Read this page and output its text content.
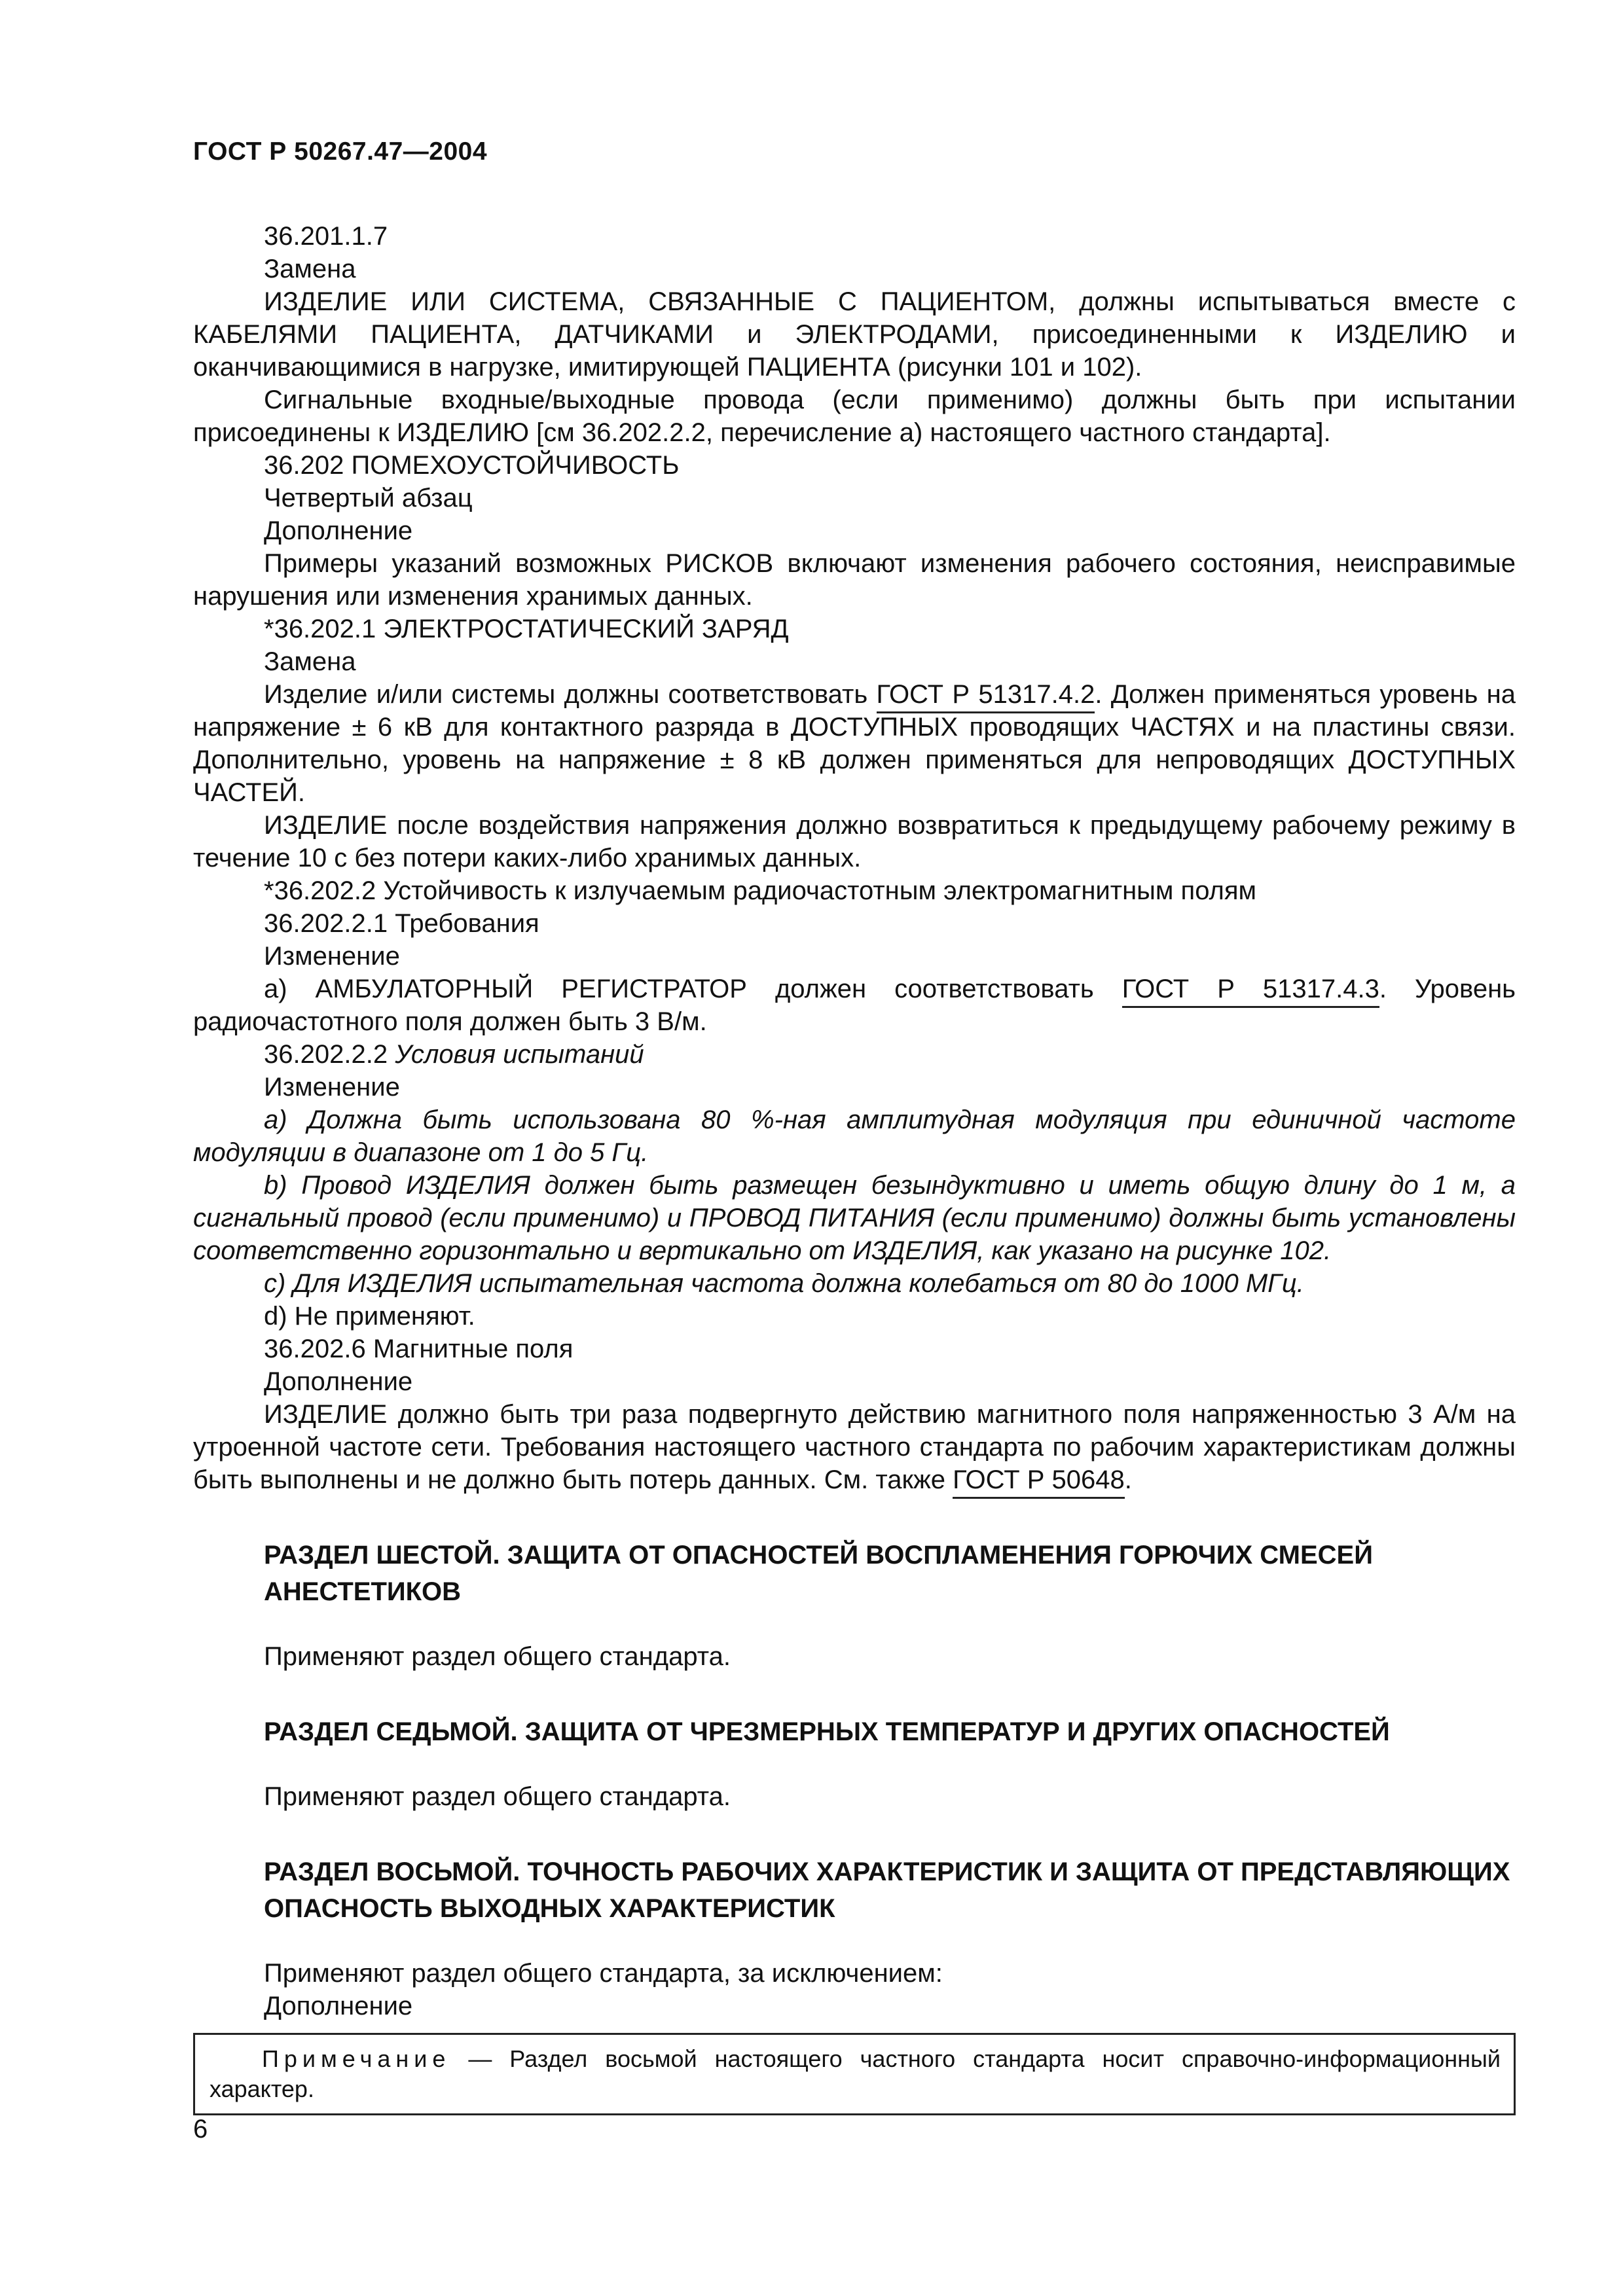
ГОСТ Р 50267.47—2004

36.201.1.7

Замена

ИЗДЕЛИЕ ИЛИ СИСТЕМА, СВЯЗАННЫЕ С ПАЦИЕНТОМ, должны испытываться вместе с КАБЕЛЯМИ ПАЦИЕНТА, ДАТЧИКАМИ и ЭЛЕКТРОДАМИ, присоединенными к ИЗДЕЛИЮ и оканчивающимися в нагрузке, имитирующей ПАЦИЕНТА (рисунки 101 и 102).

Сигнальные входные/выходные провода (если применимо) должны быть при испытании присоединены к ИЗДЕЛИЮ [см 36.202.2.2, перечисление а) настоящего частного стандарта].

36.202 ПОМЕХОУСТОЙЧИВОСТЬ

Четвертый абзац

Дополнение

Примеры указаний возможных РИСКОВ включают изменения рабочего состояния, неисправимые нарушения или изменения хранимых данных.

*36.202.1 ЭЛЕКТРОСТАТИЧЕСКИЙ ЗАРЯД

Замена

Изделие и/или системы должны соответствовать ГОСТ Р 51317.4.2. Должен применяться уровень на напряжение ± 6 кВ для контактного разряда в ДОСТУПНЫХ проводящих ЧАСТЯХ и на пластины связи. Дополнительно, уровень на напряжение ± 8 кВ должен применяться для непроводящих ДОСТУПНЫХ ЧАСТЕЙ.

ИЗДЕЛИЕ после воздействия напряжения должно возвратиться к предыдущему рабочему режиму в течение 10 с без потери каких-либо хранимых данных.

*36.202.2 Устойчивость к излучаемым радиочастотным электромагнитным полям

36.202.2.1 Требования

Изменение

а) АМБУЛАТОРНЫЙ РЕГИСТРАТОР должен соответствовать ГОСТ Р 51317.4.3. Уровень радиочастотного поля должен быть 3 В/м.

36.202.2.2 Условия испытаний

Изменение

a) Должна быть использована 80 %-ная амплитудная модуляция при единичной частоте модуляции в диапазоне от 1 до 5 Гц.

b) Провод ИЗДЕЛИЯ должен быть размещен безындуктивно и иметь общую длину до 1 м, а сигнальный провод (если применимо) и ПРОВОД ПИТАНИЯ (если применимо) должны быть установлены соответственно горизонтально и вертикально от ИЗДЕЛИЯ, как указано на рисунке 102.

c) Для ИЗДЕЛИЯ испытательная частота должна колебаться от 80 до 1000 МГц.

d) Не применяют.

36.202.6 Магнитные поля

Дополнение

ИЗДЕЛИЕ должно быть три раза подвергнуто действию магнитного поля напряженностью 3 А/м на утроенной частоте сети. Требования настоящего частного стандарта по рабочим характеристикам должны быть выполнены и не должно быть потерь данных. См. также ГОСТ Р 50648.

РАЗДЕЛ ШЕСТОЙ. ЗАЩИТА ОТ ОПАСНОСТЕЙ ВОСПЛАМЕНЕНИЯ ГОРЮЧИХ СМЕСЕЙ АНЕСТЕТИКОВ

Применяют раздел общего стандарта.

РАЗДЕЛ СЕДЬМОЙ. ЗАЩИТА ОТ ЧРЕЗМЕРНЫХ ТЕМПЕРАТУР И ДРУГИХ ОПАСНОСТЕЙ

Применяют раздел общего стандарта.

РАЗДЕЛ ВОСЬМОЙ. ТОЧНОСТЬ РАБОЧИХ ХАРАКТЕРИСТИК И ЗАЩИТА ОТ ПРЕДСТАВЛЯЮЩИХ ОПАСНОСТЬ ВЫХОДНЫХ ХАРАКТЕРИСТИК

Применяют раздел общего стандарта, за исключением:

Дополнение

Примечание — Раздел восьмой настоящего частного стандарта носит справочно-информационный характер.
6
